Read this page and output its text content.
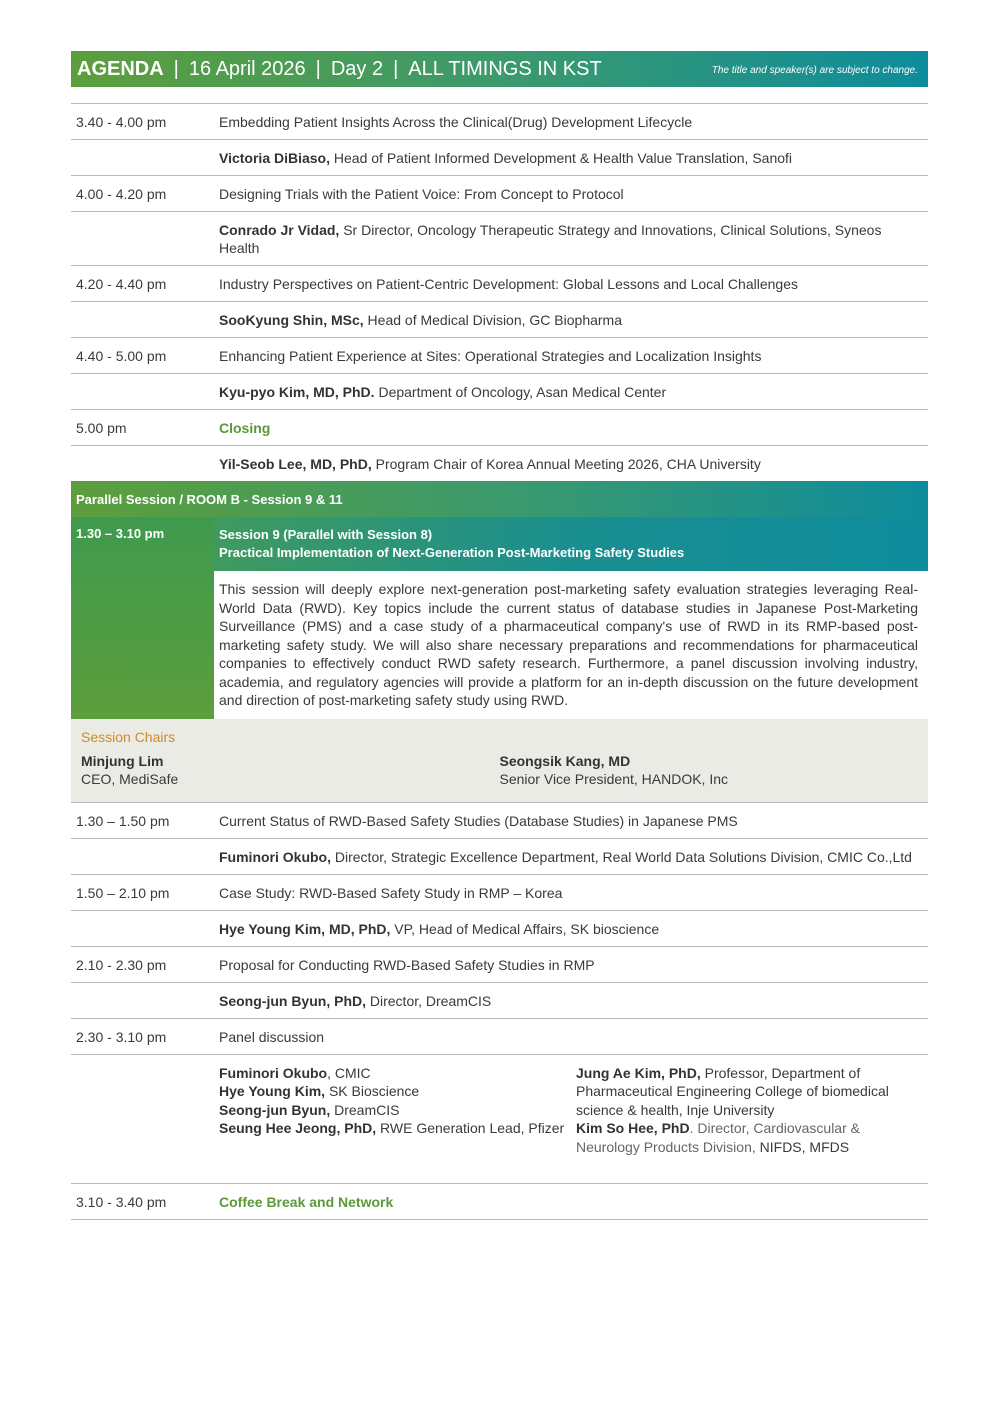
AGENDA | 16 April 2026 | Day 2 | ALL TIMINGS IN KST	The title and speaker(s) are subject to change.
3.40 - 4.00 pm	Embedding Patient Insights Across the Clinical(Drug) Development Lifecycle
Victoria DiBiaso, Head of Patient Informed Development & Health Value Translation, Sanofi
4.00 - 4.20 pm	Designing Trials with the Patient Voice: From Concept to Protocol
Conrado Jr Vidad, Sr Director, Oncology Therapeutic Strategy and Innovations, Clinical Solutions, Syneos Health
4.20 - 4.40 pm	Industry Perspectives on Patient-Centric Development: Global Lessons and Local Challenges
SooKyung Shin, MSc, Head of Medical Division, GC Biopharma
4.40 - 5.00 pm	Enhancing Patient Experience at Sites: Operational Strategies and Localization Insights
Kyu-pyo Kim, MD, PhD. Department of Oncology, Asan Medical Center
5.00 pm	Closing
Yil-Seob Lee, MD, PhD, Program Chair of Korea Annual Meeting 2026, CHA University
Parallel Session / ROOM B - Session 9 & 11
1.30 – 3.10 pm	Session 9 (Parallel with Session 8)
Practical Implementation of Next-Generation Post-Marketing Safety Studies
This session will deeply explore next-generation post-marketing safety evaluation strategies leveraging Real-World Data (RWD). Key topics include the current status of database studies in Japanese Post-Marketing Surveillance (PMS) and a case study of a pharmaceutical company's use of RWD in its RMP-based post-marketing safety study. We will also share necessary preparations and recommendations for pharmaceutical companies to effectively conduct RWD safety research. Furthermore, a panel discussion involving industry, academia, and regulatory agencies will provide a platform for an in-depth discussion on the future development and direction of post-marketing safety study using RWD.
Session Chairs
Minjung Lim
CEO, MediSafe
Seongsik Kang, MD
Senior Vice President, HANDOK, Inc
1.30 – 1.50 pm	Current Status of RWD-Based Safety Studies (Database Studies) in Japanese PMS
Fuminori Okubo, Director, Strategic Excellence Department, Real World Data Solutions Division, CMIC Co.,Ltd
1.50 – 2.10 pm	Case Study: RWD-Based Safety Study in RMP – Korea
Hye Young Kim, MD, PhD, VP, Head of Medical Affairs, SK bioscience
2.10 - 2.30 pm	Proposal for Conducting RWD-Based Safety Studies in RMP
Seong-jun Byun, PhD, Director, DreamCIS
2.30 - 3.10 pm	Panel discussion
Fuminori Okubo, CMIC
Hye Young Kim, SK Bioscience
Seong-jun Byun, DreamCIS
Seung Hee Jeong, PhD, RWE Generation Lead, Pfizer
Jung Ae Kim, PhD, Professor, Department of Pharmaceutical Engineering College of biomedical science & health, Inje University
Kim So Hee, PhD. Director, Cardiovascular & Neurology Products Division, NIFDS, MFDS
3.10 - 3.40 pm	Coffee Break and Network
